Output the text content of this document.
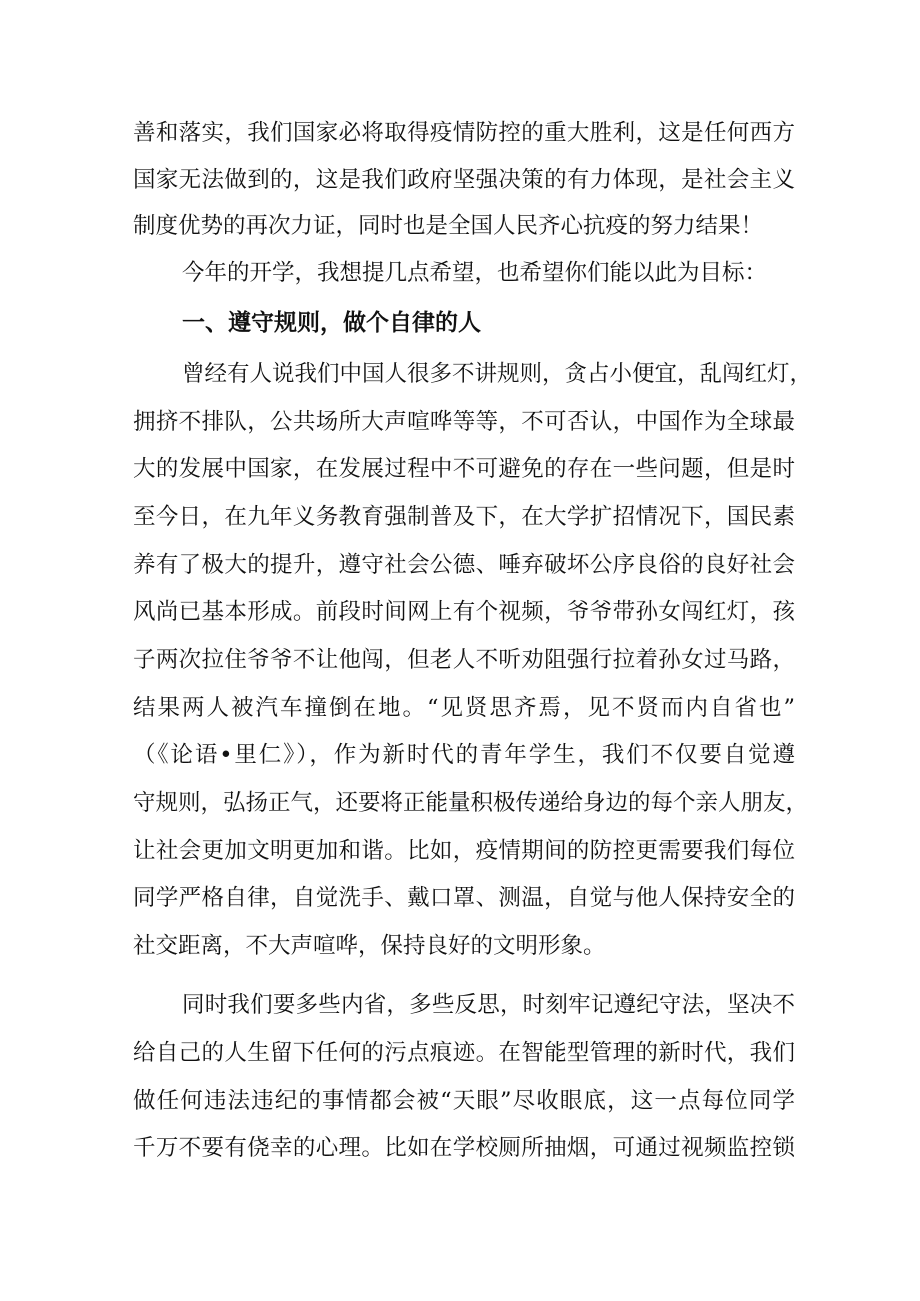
善和落实，我们国家必将取得疫情防控的重大胜利，这是任何西方
国家无法做到的，这是我们政府坚强决策的有力体现，是社会主义
制度优势的再次力证，同时也是全国人民齐心抗疫的努力结果！
今年的开学，我想提几点希望，也希望你们能以此为目标：
一、遵守规则，做个自律的人
曾经有人说我们中国人很多不讲规则，贪占小便宜，乱闯红灯，
拥挤不排队，公共场所大声喧哗等等，不可否认，中国作为全球最
大的发展中国家，在发展过程中不可避免的存在一些问题，但是时
至今日，在九年义务教育强制普及下，在大学扩招情况下，国民素
养有了极大的提升，遵守社会公德、唾弃破坏公序良俗的良好社会
风尚已基本形成。前段时间网上有个视频，爷爷带孙女闯红灯，孩
子两次拉住爷爷不让他闯，但老人不听劝阻强行拉着孙女过马路，
结果两人被汽车撞倒在地。“见贤思齐焉，见不贤而内自省也”
（《论语•里仁》），作为新时代的青年学生，我们不仅要自觉遵
守规则，弘扬正气，还要将正能量积极传递给身边的每个亲人朋友，
让社会更加文明更加和谐。比如，疫情期间的防控更需要我们每位
同学严格自律，自觉洗手、戴口罩、测温，自觉与他人保持安全的
社交距离，不大声喧哗，保持良好的文明形象。
同时我们要多些内省，多些反思，时刻牢记遵纪守法，坚决不
给自己的人生留下任何的污点痕迹。在智能型管理的新时代，我们
做任何违法违纪的事情都会被“天眼”尽收眼底，这一点每位同学
千万不要有侥幸的心理。比如在学校厕所抽烟，可通过视频监控锁
